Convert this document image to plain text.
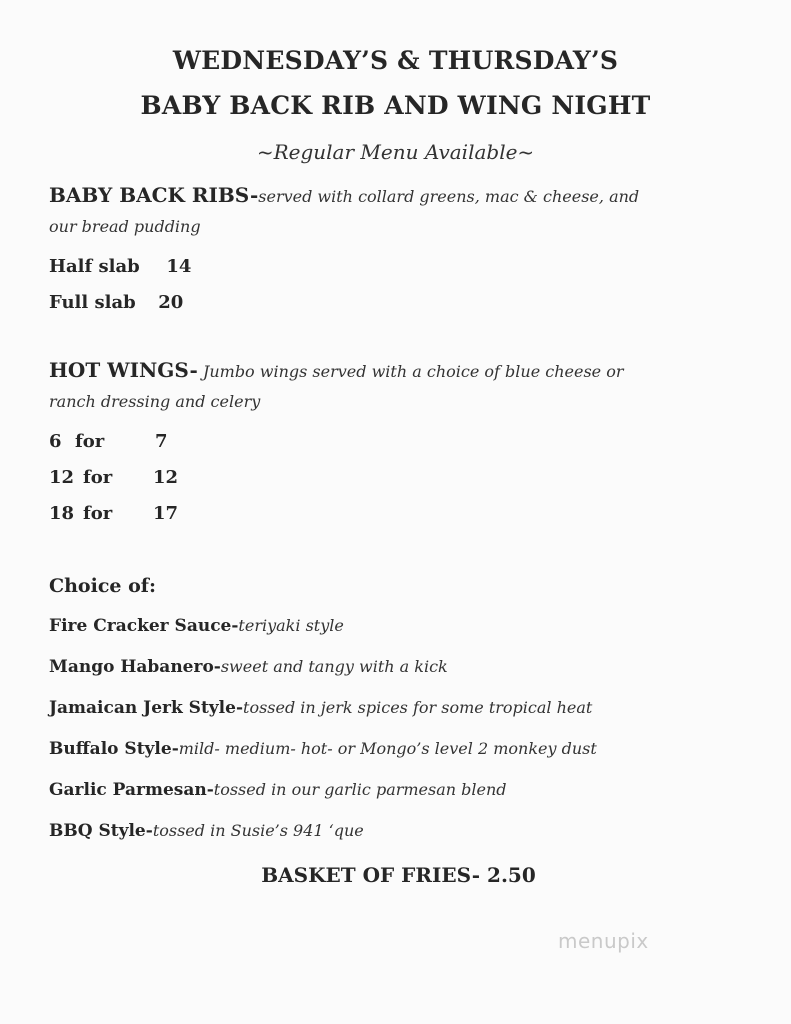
WEDNESDAY’S & THURSDAY’S
BABY BACK RIB AND WING NIGHT
~Regular Menu Available~
BABY BACK RIBS-served with collard greens, mac & cheese, and
our bread pudding
Half slab 14
Full slab 20
HOT WINGS- Jumbo wings served with a choice of blue cheese or
ranch dressing and celery
6 for	7
12 for 12
18 for 17
Choice of:
Fire Cracker Sauce-teriyaki style
Mango Habanero-sweet and tangy with a kick
Jamaican Jerk Style-tossed in jerk spices for some tropical heat
Buffalo Style-mild- medium- hot- or Mongo’s level 2 monkey dust
Garlic Parmesan-tossed in our garlic parmesan blend
BBQ Style-tossed in Susie’s 941 ‘que
BASKET OF FRIES- 2.50
menupix
